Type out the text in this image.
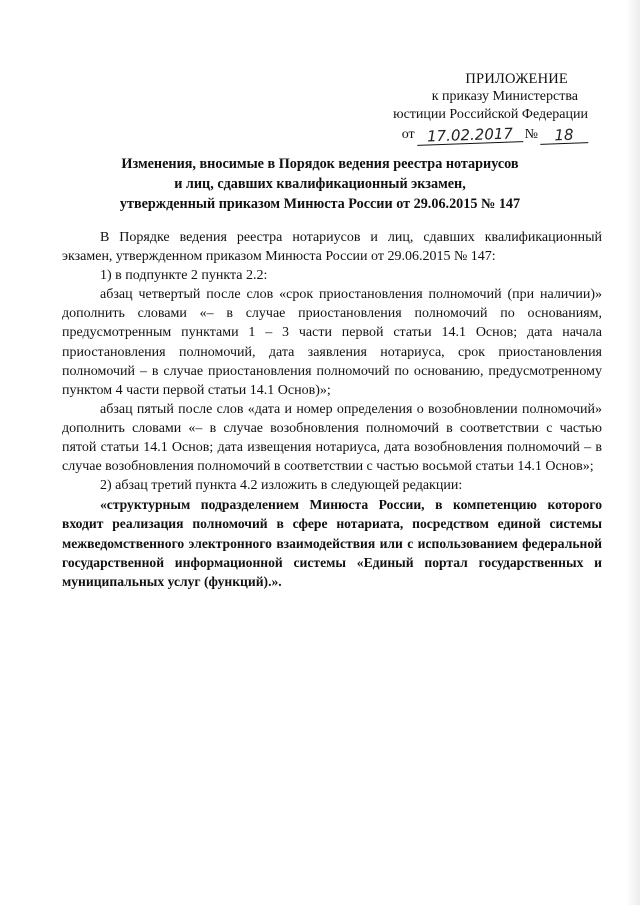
ПРИЛОЖЕНИЕ
к приказу Министерства
юстиции Российской Федерации
от 17.02.2017 №	18
Изменения, вносимые в Порядок ведения реестра нотариусов
и лиц, сдавших квалификационный экзамен,
утвержденный приказом Минюста России от 29.06.2015 № 147

В Порядке ведения реестра нотариусов и лиц, сдавших квалификационный экзамен, утвержденном приказом Минюста России от 29.06.2015 № 147:

1) в подпункте 2 пункта 2.2:

абзац четвертый после слов «срок приостановления полномочий (при наличии)» дополнить словами «– в случае приостановления полномочий по основаниям, предусмотренным пунктами 1 – 3 части первой статьи 14.1 Основ; дата начала приостановления полномочий, дата заявления нотариуса, срок приостановления полномочий – в случае приостановления полномочий по основанию, предусмотренному пунктом 4 части первой статьи 14.1 Основ)»;

абзац пятый после слов «дата и номер определения о возобновлении полномочий» дополнить словами «– в случае возобновления полномочий в соответствии с частью пятой статьи 14.1 Основ; дата извещения нотариуса, дата возобновления полномочий – в случае возобновления полномочий в соответствии с частью восьмой статьи 14.1 Основ»;

2) абзац третий пункта 4.2 изложить в следующей редакции:

«структурным подразделением Минюста России, в компетенцию которого входит реализация полномочий в сфере нотариата, посредством единой системы межведомственного электронного взаимодействия или с использованием федеральной государственной информационной системы «Единый портал государственных и муниципальных услуг (функций).».
